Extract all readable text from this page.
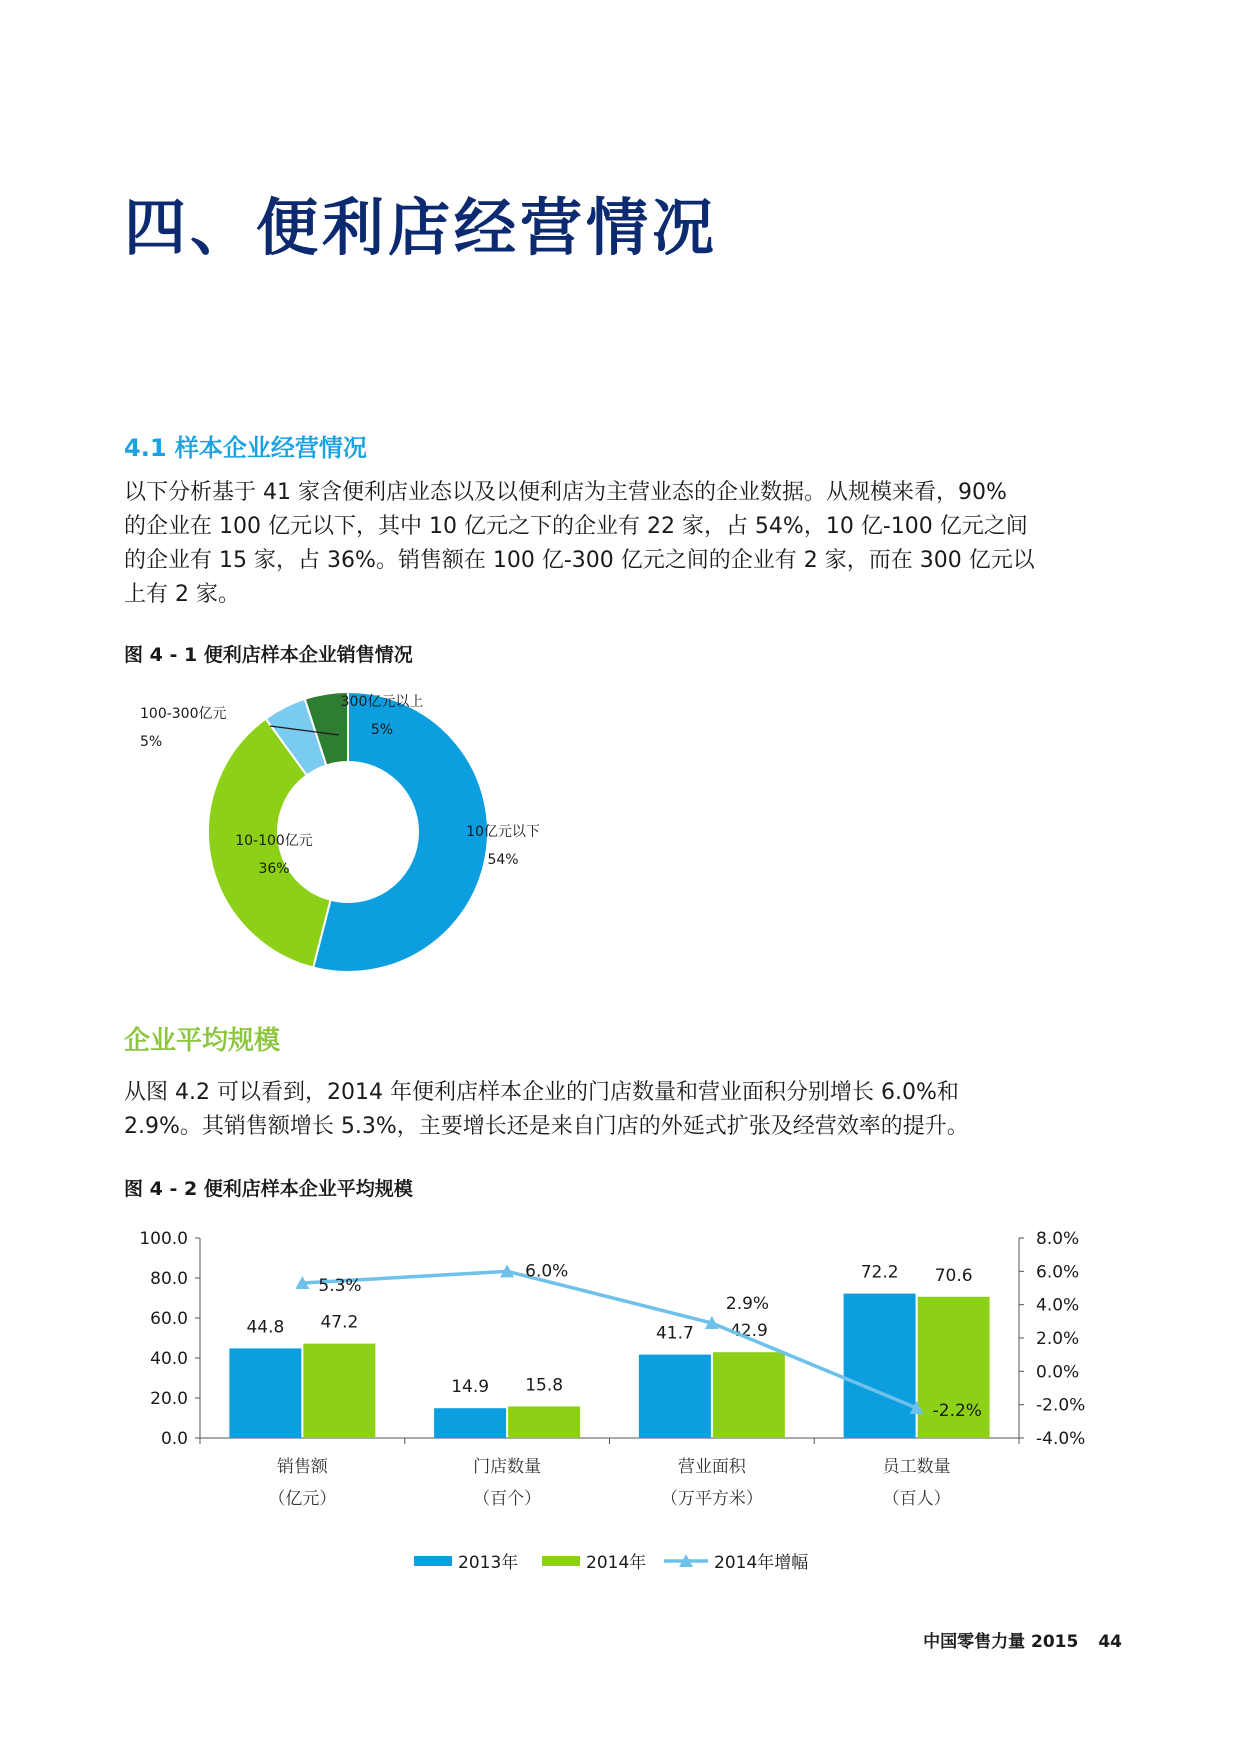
四、便利店经营情况
4.1 样本企业经营情况
以下分析基于 41 家含便利店业态以及以便利店为主营业态的企业数据。从规模来看，90%
的企业在 100 亿元以下，其中 10 亿元之下的企业有 22 家，占 54%，10 亿-100 亿元之间
的企业有 15 家，占 36%。销售额在 100 亿-300 亿元之间的企业有 2 家，而在 300 亿元以
上有 2 家。
图 4 - 1 便利店样本企业销售情况
10亿元以下
54%
10-100亿元
36%
100-300亿元
5%
300亿元以上
5%
企业平均规模
从图 4.2 可以看到，2014 年便利店样本企业的门店数量和营业面积分别增长 6.0%和
2.9%。其销售额增长 5.3%，主要增长还是来自门店的外延式扩张及经营效率的提升。
图 4 - 2 便利店样本企业平均规模
0.0
20.0
40.0
60.0
80.0
100.0
-4.0%
-2.0%
0.0%
2.0%
4.0%
6.0%
8.0%
44.8
14.9
41.7
72.2
47.2
15.8
42.9
70.6
5.3%
6.0%
2.9%
-2.2%
销售额
（亿元）
门店数量
（百个）
营业面积
（万平方米）
员工数量
（百人）
2013年	2014年	2014年增幅
中国零售力量 2015 44
